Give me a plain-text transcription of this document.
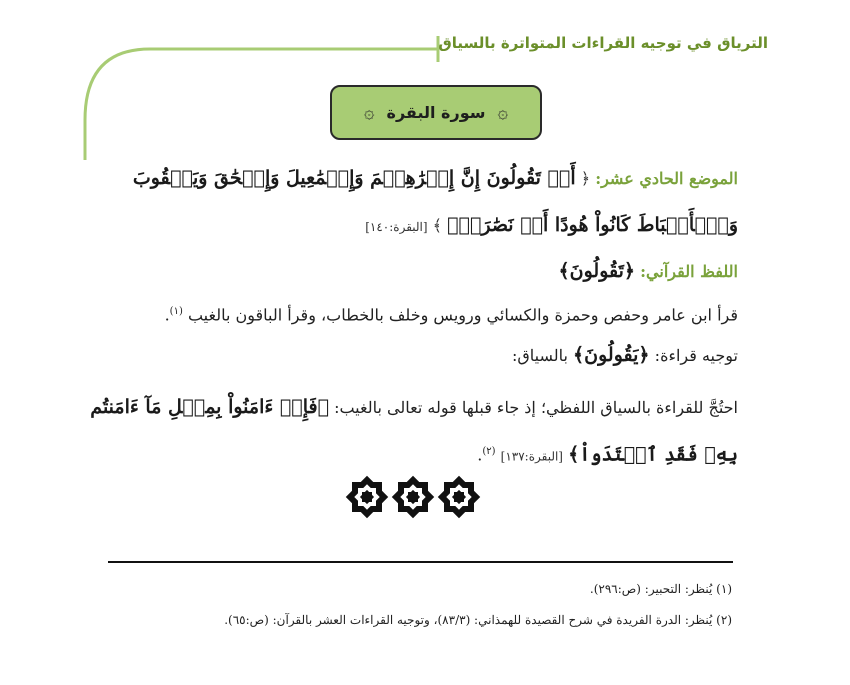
الترياق في توجيه القراءات المتواترة بالسياق
۞
سورة البقرة
۞
الموضع الحادي عشر: ﴿ أَمۡ تَقُولُونَ إِنَّ إِبۡرَٰهِـۧمَ وَإِسۡمَٰعِيلَ وَإِسۡحَٰقَ وَيَعۡقُوبَ
وَٱلۡأَسۡبَاطَ كَانُواْ هُودًا أَوۡ نَصَٰرَىٰۗ ﴾ [البقرة:١٤٠]
اللفظ القرآني: ﴿تَقُولُونَ﴾
قرأ ابن عامر وحفص وحمزة والكسائي ورويس وخلف بالخطاب، وقرأ الباقون بالغيب $^{(١)}$.
توجيه قراءة: ﴿يَقُولُونَ﴾ بالسياق:
احتُجَّ للقراءة بالسياق اللفظي؛ إذ جاء قبلها قوله تعالى بالغيب: ﴿فَإِنۡ ءَامَنُواْ بِمِثۡلِ مَآ ءَامَنتُم
بِهِۦ فَقَدِ ٱهۡتَدَواْ﴾ [البقرة:١٣٧] $^{(٢)}$.
(١) يُنظر: التحبير: (ص:٢٩٦).
(٢) يُنظر: الدرة الفريدة في شرح القصيدة للهمذاني: (٨٣/٣)، وتوجيه القراءات العشر بالقرآن: (ص:٦٥).
